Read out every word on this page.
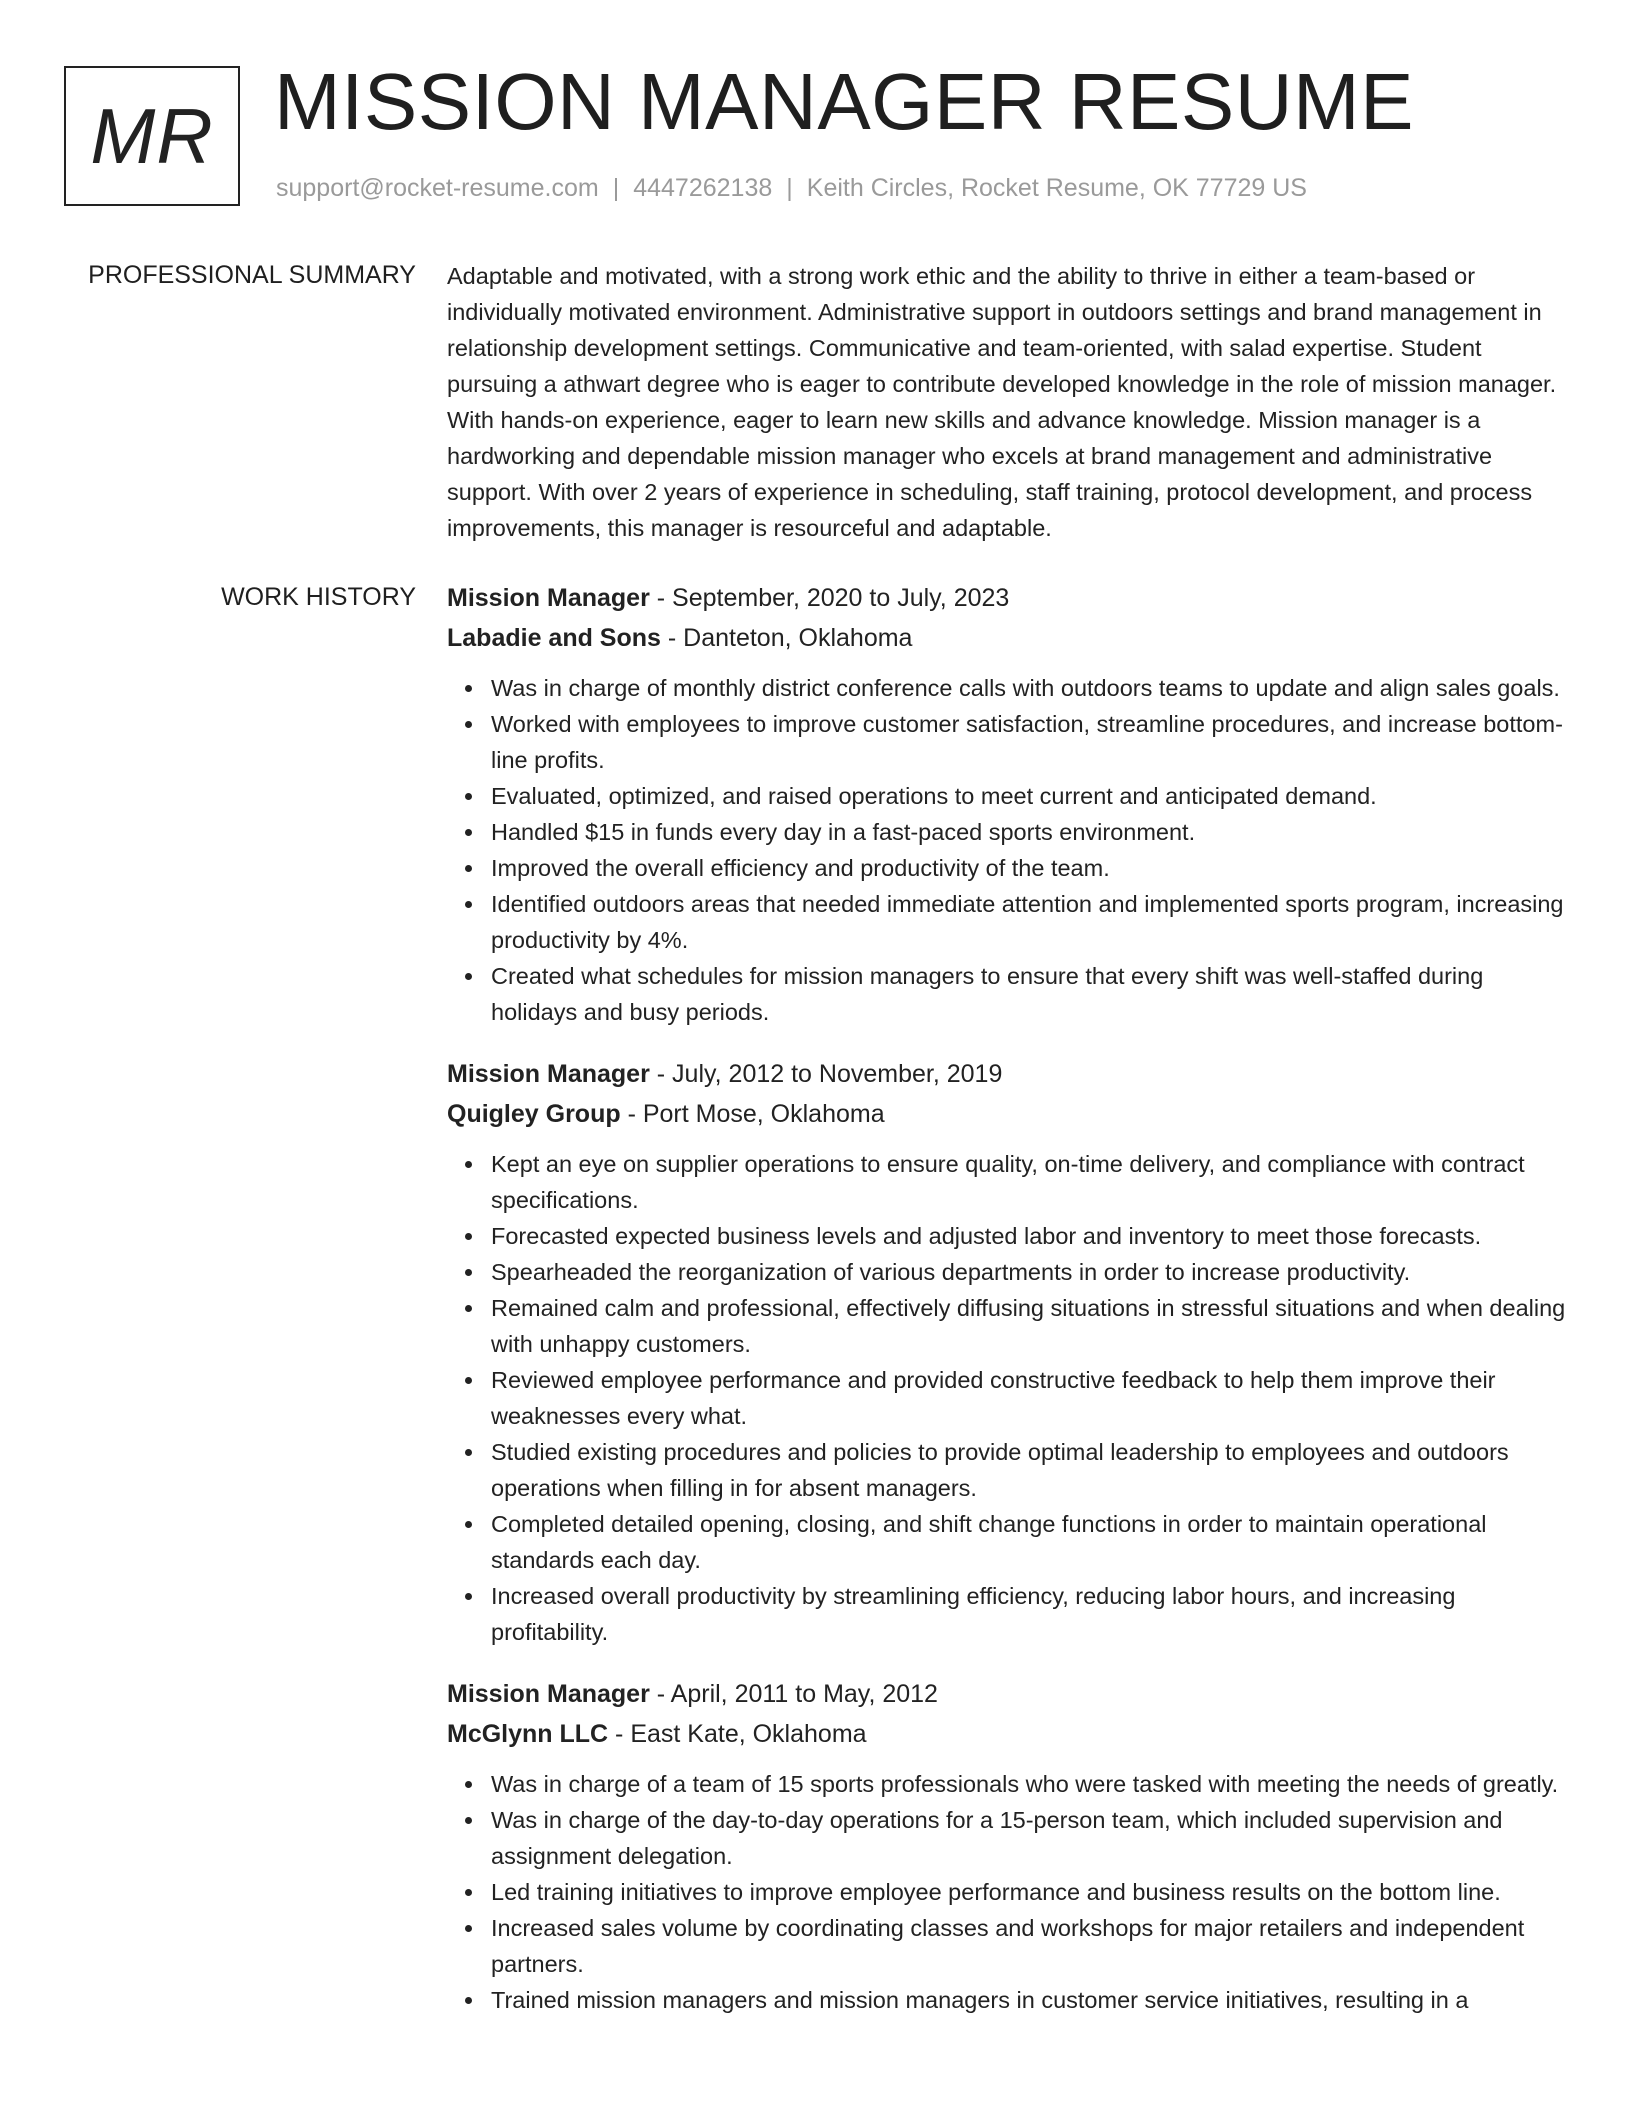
MR MISSION MANAGER RESUME
support@rocket-resume.com | 4447262138 | Keith Circles, Rocket Resume, OK 77729 US
PROFESSIONAL SUMMARY Adaptable and motivated, with a strong work ethic and the ability to thrive in either a team-based or individually motivated environment. Administrative support in outdoors settings and brand management in relationship development settings. Communicative and team-oriented, with salad expertise. Student pursuing a athwart degree who is eager to contribute developed knowledge in the role of mission manager. With hands-on experience, eager to learn new skills and advance knowledge. Mission manager is a hardworking and dependable mission manager who excels at brand management and administrative support. With over 2 years of experience in scheduling, staff training, protocol development, and process improvements, this manager is resourceful and adaptable.

WORK HISTORY Mission Manager - September, 2020 to July, 2023
Labadie and Sons - Danteton, Oklahoma
Was in charge of monthly district conference calls with outdoors teams to update and align sales goals.
Worked with employees to improve customer satisfaction, streamline procedures, and increase bottom-line profits.
Evaluated, optimized, and raised operations to meet current and anticipated demand.
Handled $15 in funds every day in a fast-paced sports environment.
Improved the overall efficiency and productivity of the team.
Identified outdoors areas that needed immediate attention and implemented sports program, increasing productivity by 4%.
Created what schedules for mission managers to ensure that every shift was well-staffed during holidays and busy periods.
Mission Manager - July, 2012 to November, 2019
Quigley Group - Port Mose, Oklahoma
Kept an eye on supplier operations to ensure quality, on-time delivery, and compliance with contract specifications.
Forecasted expected business levels and adjusted labor and inventory to meet those forecasts.
Spearheaded the reorganization of various departments in order to increase productivity.
Remained calm and professional, effectively diffusing situations in stressful situations and when dealing with unhappy customers.
Reviewed employee performance and provided constructive feedback to help them improve their weaknesses every what.
Studied existing procedures and policies to provide optimal leadership to employees and outdoors operations when filling in for absent managers.
Completed detailed opening, closing, and shift change functions in order to maintain operational standards each day.
Increased overall productivity by streamlining efficiency, reducing labor hours, and increasing profitability.
Mission Manager - April, 2011 to May, 2012
McGlynn LLC - East Kate, Oklahoma
Was in charge of a team of 15 sports professionals who were tasked with meeting the needs of greatly.
Was in charge of the day-to-day operations for a 15-person team, which included supervision and assignment delegation.
Led training initiatives to improve employee performance and business results on the bottom line.
Increased sales volume by coordinating classes and workshops for major retailers and independent partners.
Trained mission managers and mission managers in customer service initiatives, resulting in a
